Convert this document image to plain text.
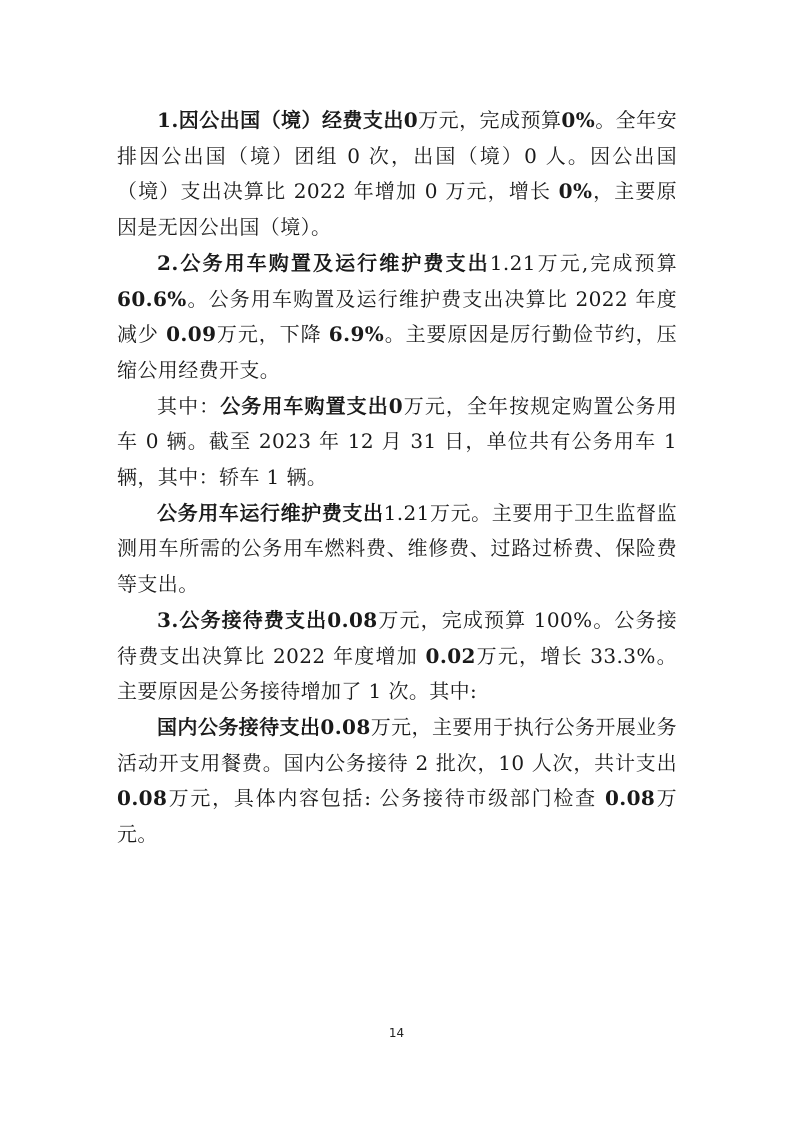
1.因公出国（境）经费支出0万元，完成预算0%。全年安排因公出国（境）团组 0 次，出国（境）0 人。因公出国（境）支出决算比 2022 年增加 0 万元，增长 0%，主要原因是无因公出国（境）。

2.公务用车购置及运行维护费支出1.21万元,完成预算 60.6%。公务用车购置及运行维护费支出决算比 2022 年度减少 0.09万元，下降 6.9%。主要原因是厉行勤俭节约，压缩公用经费开支。

其中：公务用车购置支出0万元，全年按规定购置公务用车 0 辆。截至 2023 年 12 月 31 日，单位共有公务用车 1 辆，其中：轿车 1 辆。

公务用车运行维护费支出1.21万元。主要用于卫生监督监测用车所需的公务用车燃料费、维修费、过路过桥费、保险费等支出。

3.公务接待费支出0.08万元，完成预算 100%。公务接待费支出决算比 2022 年度增加 0.02万元，增长 33.3%。主要原因是公务接待增加了 1 次。其中:

国内公务接待支出0.08万元，主要用于执行公务开展业务活动开支用餐费。国内公务接待 2 批次，10 人次，共计支出 0.08万元，具体内容包括: 公务接待市级部门检查 0.08万元。

14
